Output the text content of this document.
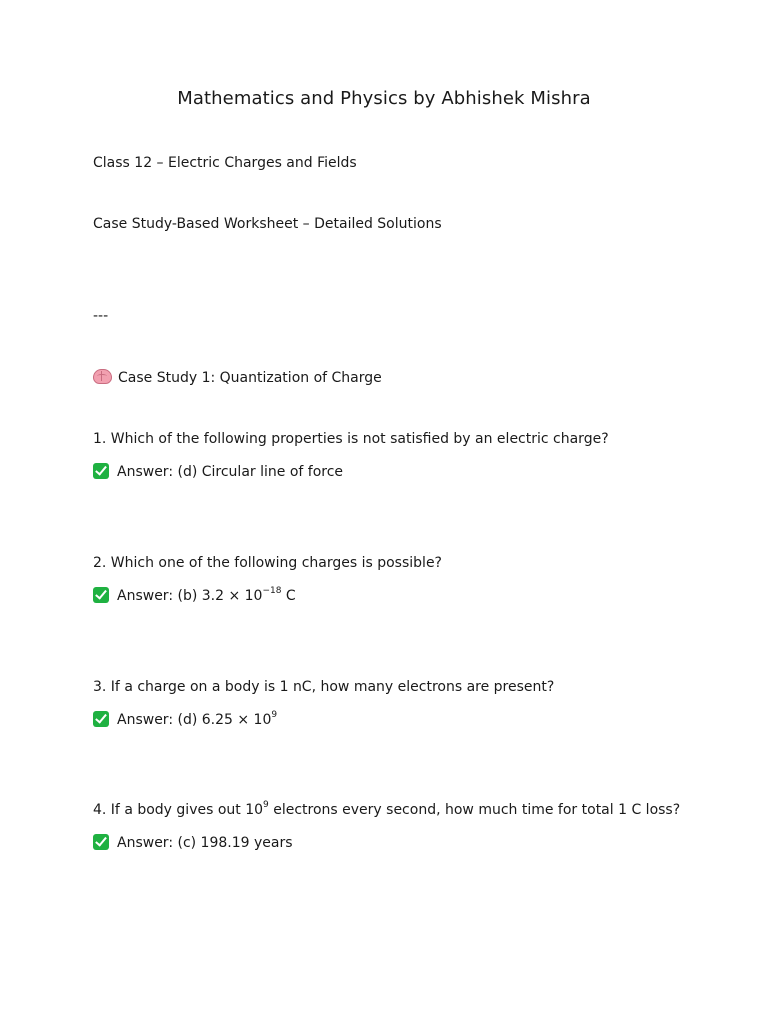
Mathematics and Physics by Abhishek Mishra
Class 12 – Electric Charges and Fields
Case Study-Based Worksheet – Detailed Solutions
---
Case Study 1: Quantization of Charge
1. Which of the following properties is not satisfied by an electric charge?
Answer: (d) Circular line of force
2. Which one of the following charges is possible?
Answer: (b) $3.2 \times 10^{-18}$ C
3. If a charge on a body is 1 nC, how many electrons are present?
Answer: (d) $6.25 \times 10^9$
4. If a body gives out $10^9$ electrons every second, how much time for total 1 C loss?
Answer: (c) 198.19 years
